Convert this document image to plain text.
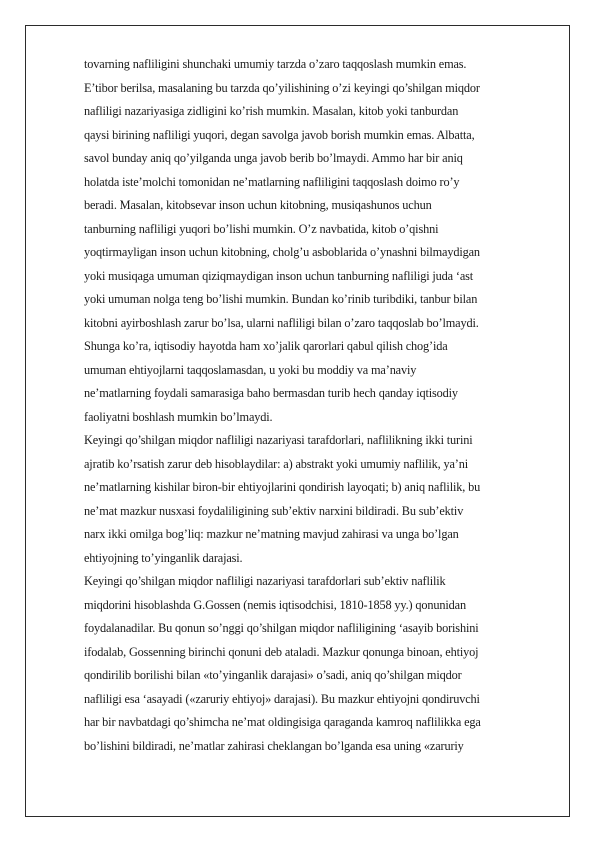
tovarning nafliligini shunchaki umumiy tarzda o’zaro taqqoslash mumkin emas.
E’tibor berilsa, masalaning bu tarzda qo’yilishining o’zi keyingi qo’shilgan miqdor
nafliligi nazariyasiga zidligini ko’rish mumkin. Masalan, kitob yoki tanburdan
qaysi birining nafliligi yuqori, degan savolga javob borish mumkin emas. Albatta,
savol bunday aniq qo’yilganda unga javob berib bo’lmaydi. Ammo har bir aniq
holatda iste’molchi tomonidan ne’matlarning nafliligini taqqoslash doimo ro’y
beradi. Masalan, kitobsevar inson uchun kitobning, musiqashunos uchun
tanburning nafliligi yuqori bo’lishi mumkin. O’z navbatida, kitob o’qishni
yoqtirmayligan inson uchun kitobning, cholg’u asboblarida o’ynashni bilmaydigan
yoki musiqaga umuman qiziqmaydigan inson uchun tanburning nafliligi juda ‘ast
yoki umuman nolga teng bo’lishi mumkin. Bundan ko’rinib turibdiki, tanbur bilan
kitobni ayirboshlash zarur bo’lsa, ularni nafliligi bilan o’zaro taqqoslab bo’lmaydi.
Shunga ko’ra, iqtisodiy hayotda ham xo’jalik qarorlari qabul qilish chog’ida
umuman ehtiyojlarni taqqoslamasdan, u yoki bu moddiy va ma’naviy
ne’matlarning foydali samarasiga baho bermasdan turib hech qanday iqtisodiy
faoliyatni boshlash mumkin bo’lmaydi.
Keyingi qo’shilgan miqdor nafliligi nazariyasi tarafdorlari, naflilikning ikki turini
ajratib ko’rsatish zarur deb hisoblaydilar: a) abstrakt yoki umumiy naflilik, ya’ni
ne’matlarning kishilar biron-bir ehtiyojlarini qondirish layoqati; b) aniq naflilik, bu
ne’mat mazkur nusxasi foydaliligining sub’ektiv narxini bildiradi. Bu sub’ektiv
narx ikki omilga bog’liq: mazkur ne’matning mavjud zahirasi va unga bo’lgan
ehtiyojning to’yinganlik darajasi.
Keyingi qo’shilgan miqdor nafliligi nazariyasi tarafdorlari sub’ektiv naflilik
miqdorini hisoblashda G.Gossen (nemis iqtisodchisi, 1810-1858 yy.) qonunidan
foydalanadilar. Bu qonun so’nggi qo’shilgan miqdor nafliligining ‘asayib borishini
ifodalab, Gossenning birinchi qonuni deb ataladi. Mazkur qonunga binoan, ehtiyoj
qondirilib borilishi bilan «to’yinganlik darajasi» o’sadi, aniq qo’shilgan miqdor
nafliligi esa ‘asayadi («zaruriy ehtiyoj» darajasi). Bu mazkur ehtiyojni qondiruvchi
har bir navbatdagi qo’shimcha ne’mat oldingisiga qaraganda kamroq naflilikka ega
bo’lishini bildiradi, ne’matlar zahirasi cheklangan bo’lganda esa uning «zaruriy
